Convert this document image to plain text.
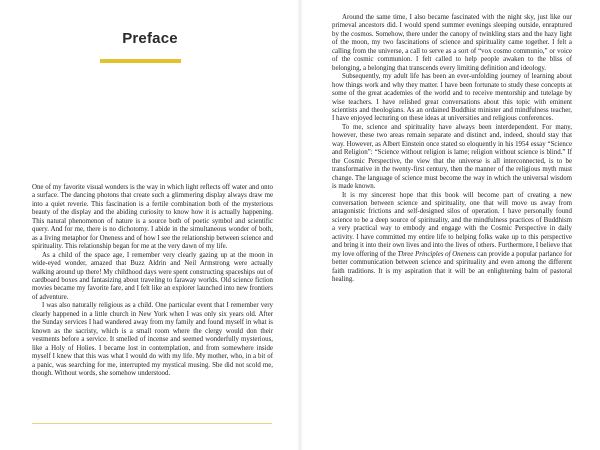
Preface

One of my favorite visual wonders is the way in which light reflects off water and onto a surface. The dancing photons that create such a glimmering display always draw me into a quiet reverie. This fascination is a fertile combination both of the mysterious beauty of the display and the abiding curiosity to know how it is actually happening. This natural phenomenon of nature is a source both of poetic symbol and scientific query. And for me, there is no dichotomy. I abide in the simultaneous wonder of both, as a living metaphor for Oneness and of how I see the relationship between science and spirituality. This relationship began for me at the very dawn of my life.

As a child of the space age, I remember very clearly gazing up at the moon in wide-eyed wonder, amazed that Buzz Aldrin and Neil Armstrong were actually walking around up there! My childhood days were spent constructing spaceships out of cardboard boxes and fantasizing about traveling to faraway worlds. Old science fiction movies became my favorite fare, and I felt like an explorer launched into new frontiers of adventure.

I was also naturally religious as a child. One particular event that I remember very clearly happened in a little church in New York when I was only six years old. After the Sunday services I had wandered away from my family and found myself in what is known as the sacristy, which is a small room where the clergy would don their vestments before a service. It smelled of incense and seemed wonderfully mysterious, like a Holy of Holies. I became lost in contemplation, and from somewhere inside myself I knew that this was what I would do with my life. My mother, who, in a bit of a panic, was searching for me, interrupted my mystical musing. She did not scold me, though. Without words, she somehow understood.

Around the same time, I also became fascinated with the night sky, just like our primeval ancestors did. I would spend summer evenings sleeping outside, enraptured by the cosmos. Somehow, there under the canopy of twinkling stars and the hazy light of the moon, my two fascinations of science and spirituality came together. I felt a calling from the universe, a call to serve as a sort of “vox cosmo communio,” or voice of the cosmic communion. I felt called to help people awaken to the bliss of belonging, a belonging that transcends every limiting definition and ideology.

Subsequently, my adult life has been an ever-unfolding journey of learning about how things work and why they matter. I have been fortunate to study these concepts at some of the great academies of the world and to receive mentorship and tutelage by wise teachers. I have relished great conversations about this topic with eminent scientists and theologians. As an ordained Buddhist minister and mindfulness teacher, I have enjoyed lecturing on these ideas at universities and religious conferences.

To me, science and spirituality have always been interdependent. For many, however, these two areas remain separate and distinct and, indeed, should stay that way. However, as Albert Einstein once stated so eloquently in his 1954 essay “Science and Religion”: “Science without religion is lame; religion without science is blind.” If the Cosmic Perspective, the view that the universe is all interconnected, is to be transformative in the twenty-first century, then the manner of the religious myth must change. The language of science must become the way in which the universal wisdom is made known.

It is my sincerest hope that this book will become part of creating a new conversation between science and spirituality, one that will move us away from antagonistic frictions and self-designed silos of operation. I have personally found science to be a deep source of spirituality, and the mindfulness practices of Buddhism a very practical way to embody and engage with the Cosmic Perspective in daily activity. I have committed my entire life to helping folks wake up to this perspective and bring it into their own lives and into the lives of others. Furthermore, I believe that my love offering of the Three Principles of Oneness can provide a popular parlance for better communication between science and spirituality and even among the different faith traditions. It is my aspiration that it will be an enlightening balm of pastoral healing.
